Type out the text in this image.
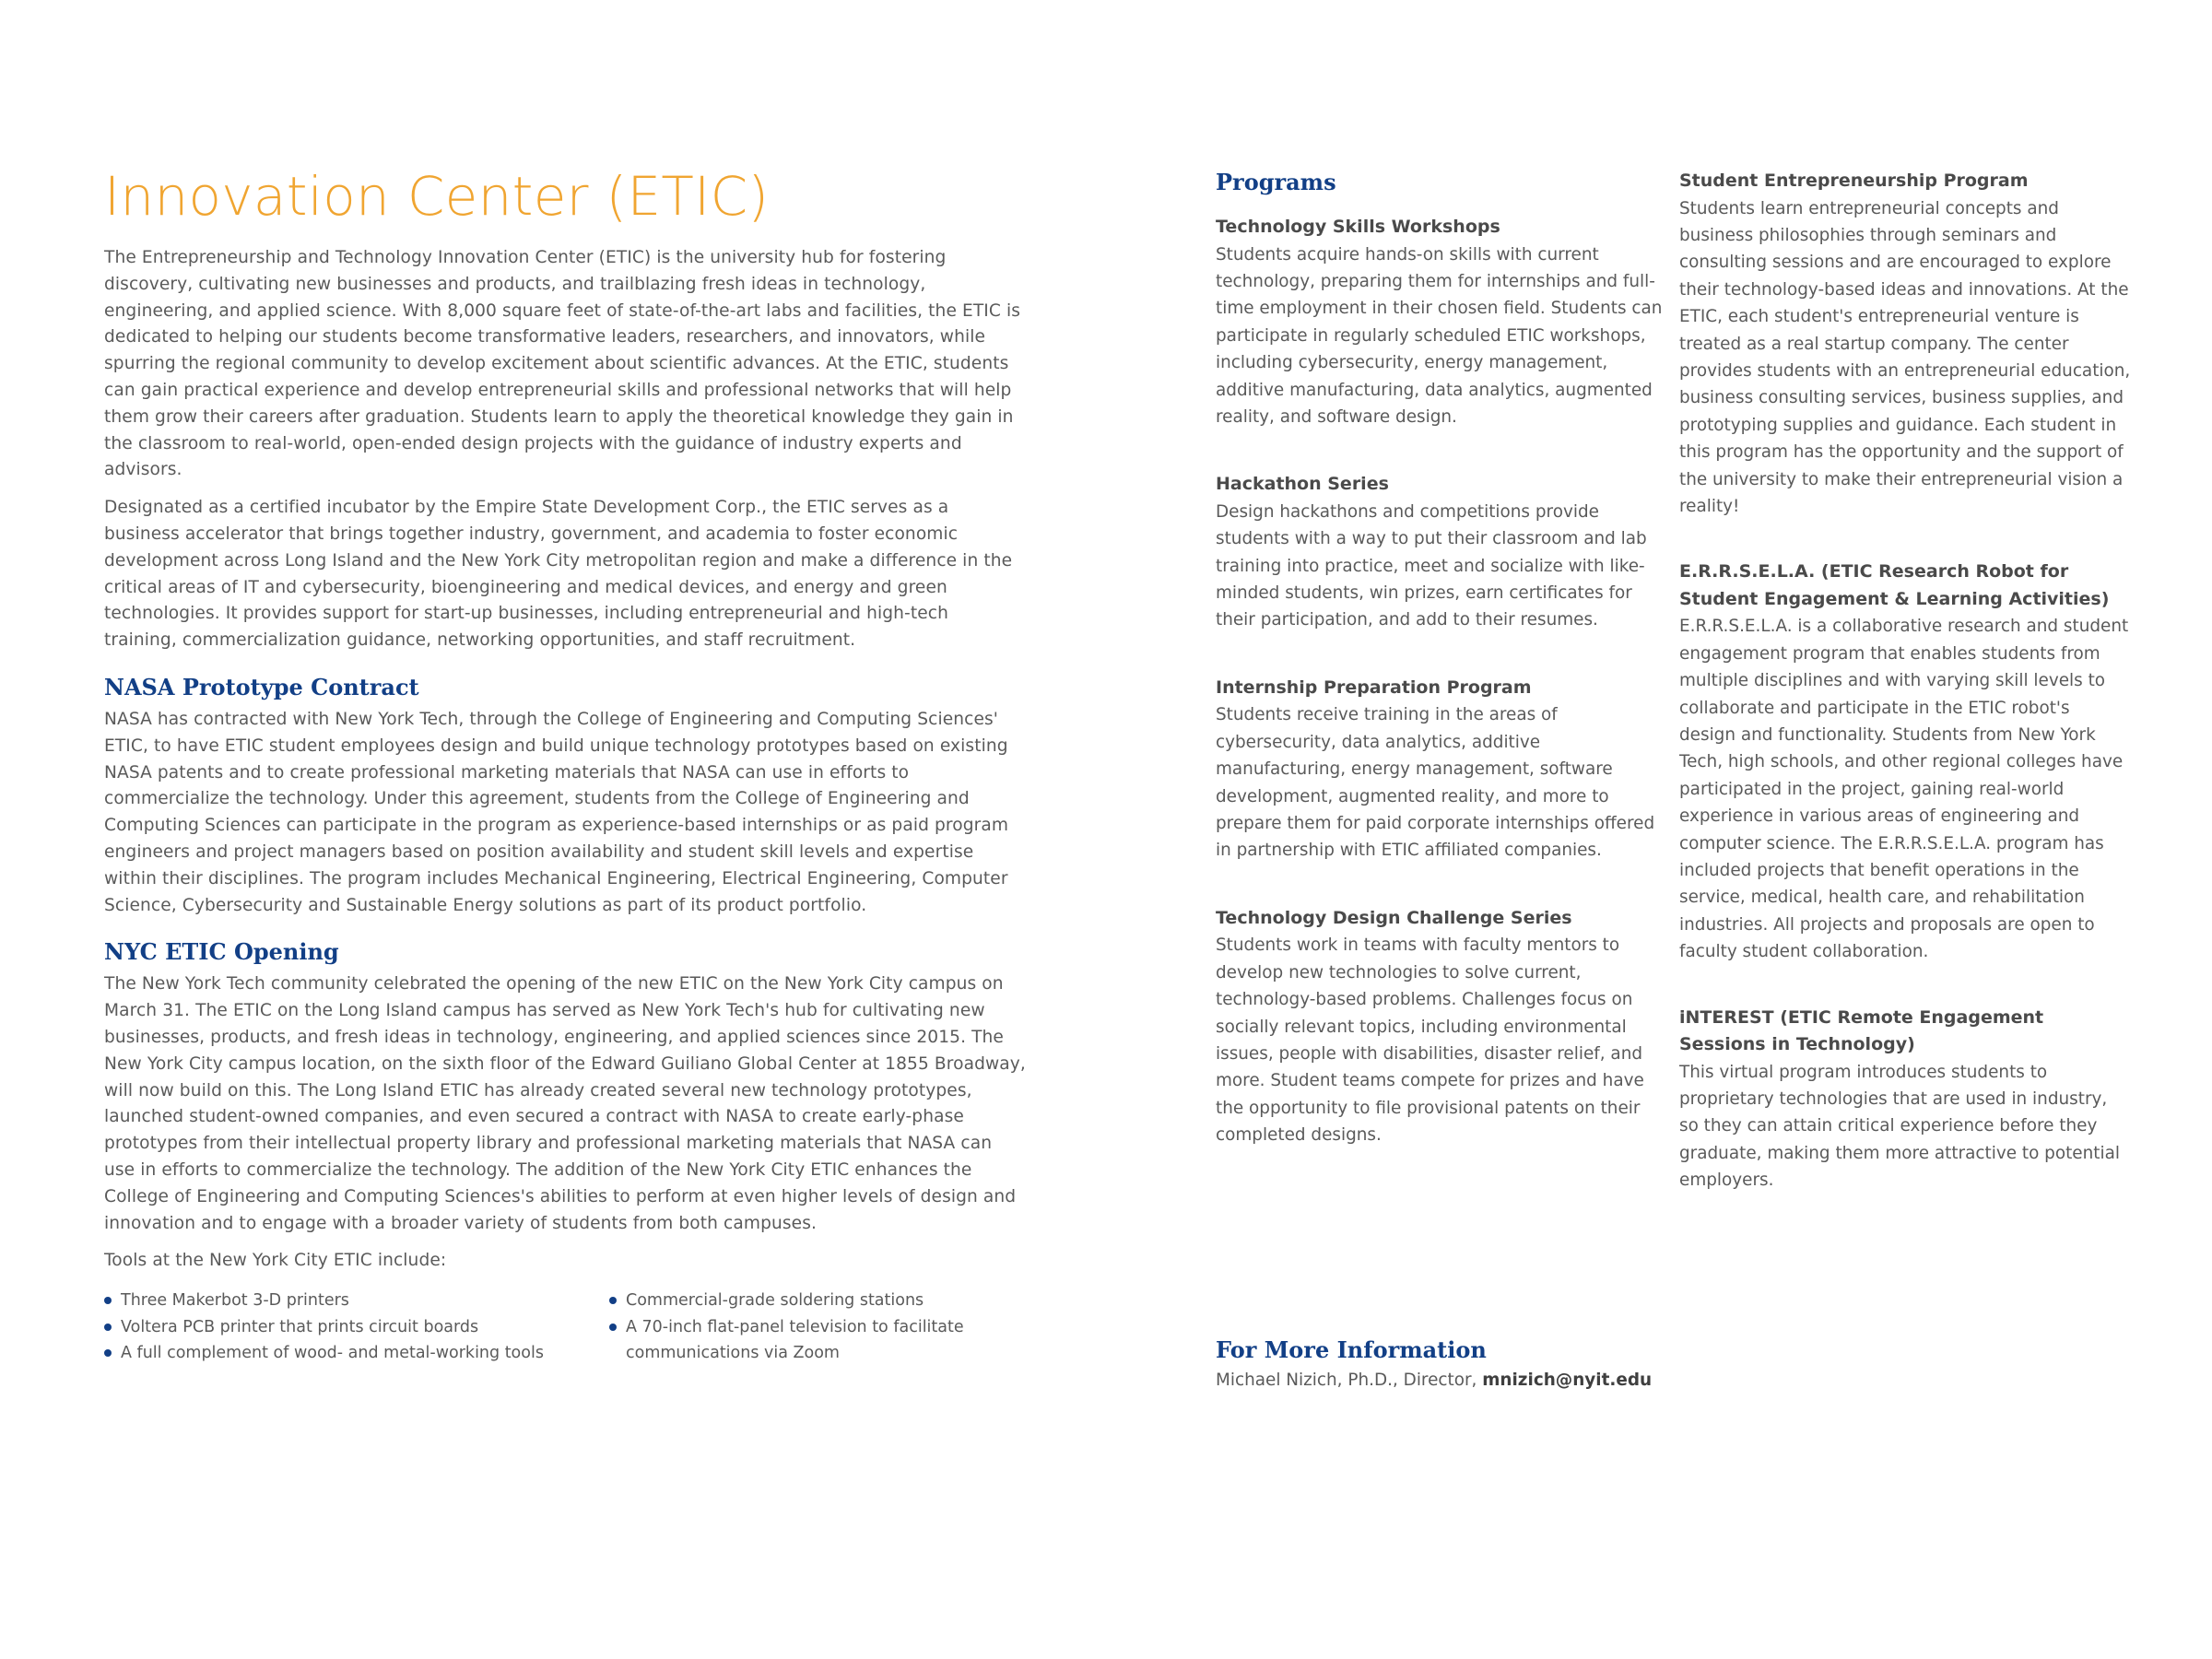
Innovation Center (ETIC)

The Entrepreneurship and Technology Innovation Center (ETIC) is the university hub for fostering discovery, cultivating new businesses and products, and trailblazing fresh ideas in technology, engineering, and applied science. With 8,000 square feet of state-of-the-art labs and facilities, the ETIC is dedicated to helping our students become transformative leaders, researchers, and innovators, while spurring the regional community to develop excitement about scientific advances. At the ETIC, students can gain practical experience and develop entrepreneurial skills and professional networks that will help them grow their careers after graduation. Students learn to apply the theoretical knowledge they gain in the classroom to real-world, open-ended design projects with the guidance of industry experts and advisors.

Designated as a certified incubator by the Empire State Development Corp., the ETIC serves as a business accelerator that brings together industry, government, and academia to foster economic development across Long Island and the New York City metropolitan region and make a difference in the critical areas of IT and cybersecurity, bioengineering and medical devices, and energy and green technologies. It provides support for start-up businesses, including entrepreneurial and high-tech training, commercialization guidance, networking opportunities, and staff recruitment.

NASA Prototype Contract

NASA has contracted with New York Tech, through the College of Engineering and Computing Sciences' ETIC, to have ETIC student employees design and build unique technology prototypes based on existing NASA patents and to create professional marketing materials that NASA can use in efforts to commercialize the technology. Under this agreement, students from the College of Engineering and Computing Sciences can participate in the program as experience-based internships or as paid program engineers and project managers based on position availability and student skill levels and expertise within their disciplines. The program includes Mechanical Engineering, Electrical Engineering, Computer Science, Cybersecurity and Sustainable Energy solutions as part of its product portfolio.

NYC ETIC Opening

The New York Tech community celebrated the opening of the new ETIC on the New York City campus on March 31. The ETIC on the Long Island campus has served as New York Tech's hub for cultivating new businesses, products, and fresh ideas in technology, engineering, and applied sciences since 2015. The New York City campus location, on the sixth floor of the Edward Guiliano Global Center at 1855 Broadway, will now build on this. The Long Island ETIC has already created several new technology prototypes, launched student-owned companies, and even secured a contract with NASA to create early-phase prototypes from their intellectual property library and professional marketing materials that NASA can use in efforts to commercialize the technology. The addition of the New York City ETIC enhances the College of Engineering and Computing Sciences's abilities to perform at even higher levels of design and innovation and to engage with a broader variety of students from both campuses.

Tools at the New York City ETIC include:

Three Makerbot 3-D printers
Voltera PCB printer that prints circuit boards
A full complement of wood- and metal-working tools
Commercial-grade soldering stations
A 70-inch flat-panel television to facilitate communications via Zoom
Programs

Technology Skills Workshops

Students acquire hands-on skills with current technology, preparing them for internships and full-time employment in their chosen field. Students can participate in regularly scheduled ETIC workshops, including cybersecurity, energy management, additive manufacturing, data analytics, augmented reality, and software design.

Hackathon Series

Design hackathons and competitions provide students with a way to put their classroom and lab training into practice, meet and socialize with like-minded students, win prizes, earn certificates for their participation, and add to their resumes.

Internship Preparation Program

Students receive training in the areas of cybersecurity, data analytics, additive manufacturing, energy management, software development, augmented reality, and more to prepare them for paid corporate internships offered in partnership with ETIC affiliated companies.

Technology Design Challenge Series

Students work in teams with faculty mentors to develop new technologies to solve current, technology-based problems. Challenges focus on socially relevant topics, including environmental issues, people with disabilities, disaster relief, and more. Student teams compete for prizes and have the opportunity to file provisional patents on their completed designs.

For More Information

Michael Nizich, Ph.D., Director, mnizich@nyit.edu

Student Entrepreneurship Program

Students learn entrepreneurial concepts and business philosophies through seminars and consulting sessions and are encouraged to explore their technology-based ideas and innovations. At the ETIC, each student's entrepreneurial venture is treated as a real startup company. The center provides students with an entrepreneurial education, business consulting services, business supplies, and prototyping supplies and guidance. Each student in this program has the opportunity and the support of the university to make their entrepreneurial vision a reality!

E.R.R.S.E.L.A. (ETIC Research Robot for Student Engagement & Learning Activities)

E.R.R.S.E.L.A. is a collaborative research and student engagement program that enables students from multiple disciplines and with varying skill levels to collaborate and participate in the ETIC robot's design and functionality. Students from New York Tech, high schools, and other regional colleges have participated in the project, gaining real-world experience in various areas of engineering and computer science. The E.R.R.S.E.L.A. program has included projects that benefit operations in the service, medical, health care, and rehabilitation industries. All projects and proposals are open to faculty student collaboration.

iNTEREST (ETIC Remote Engagement Sessions in Technology)

This virtual program introduces students to proprietary technologies that are used in industry, so they can attain critical experience before they graduate, making them more attractive to potential employers.
